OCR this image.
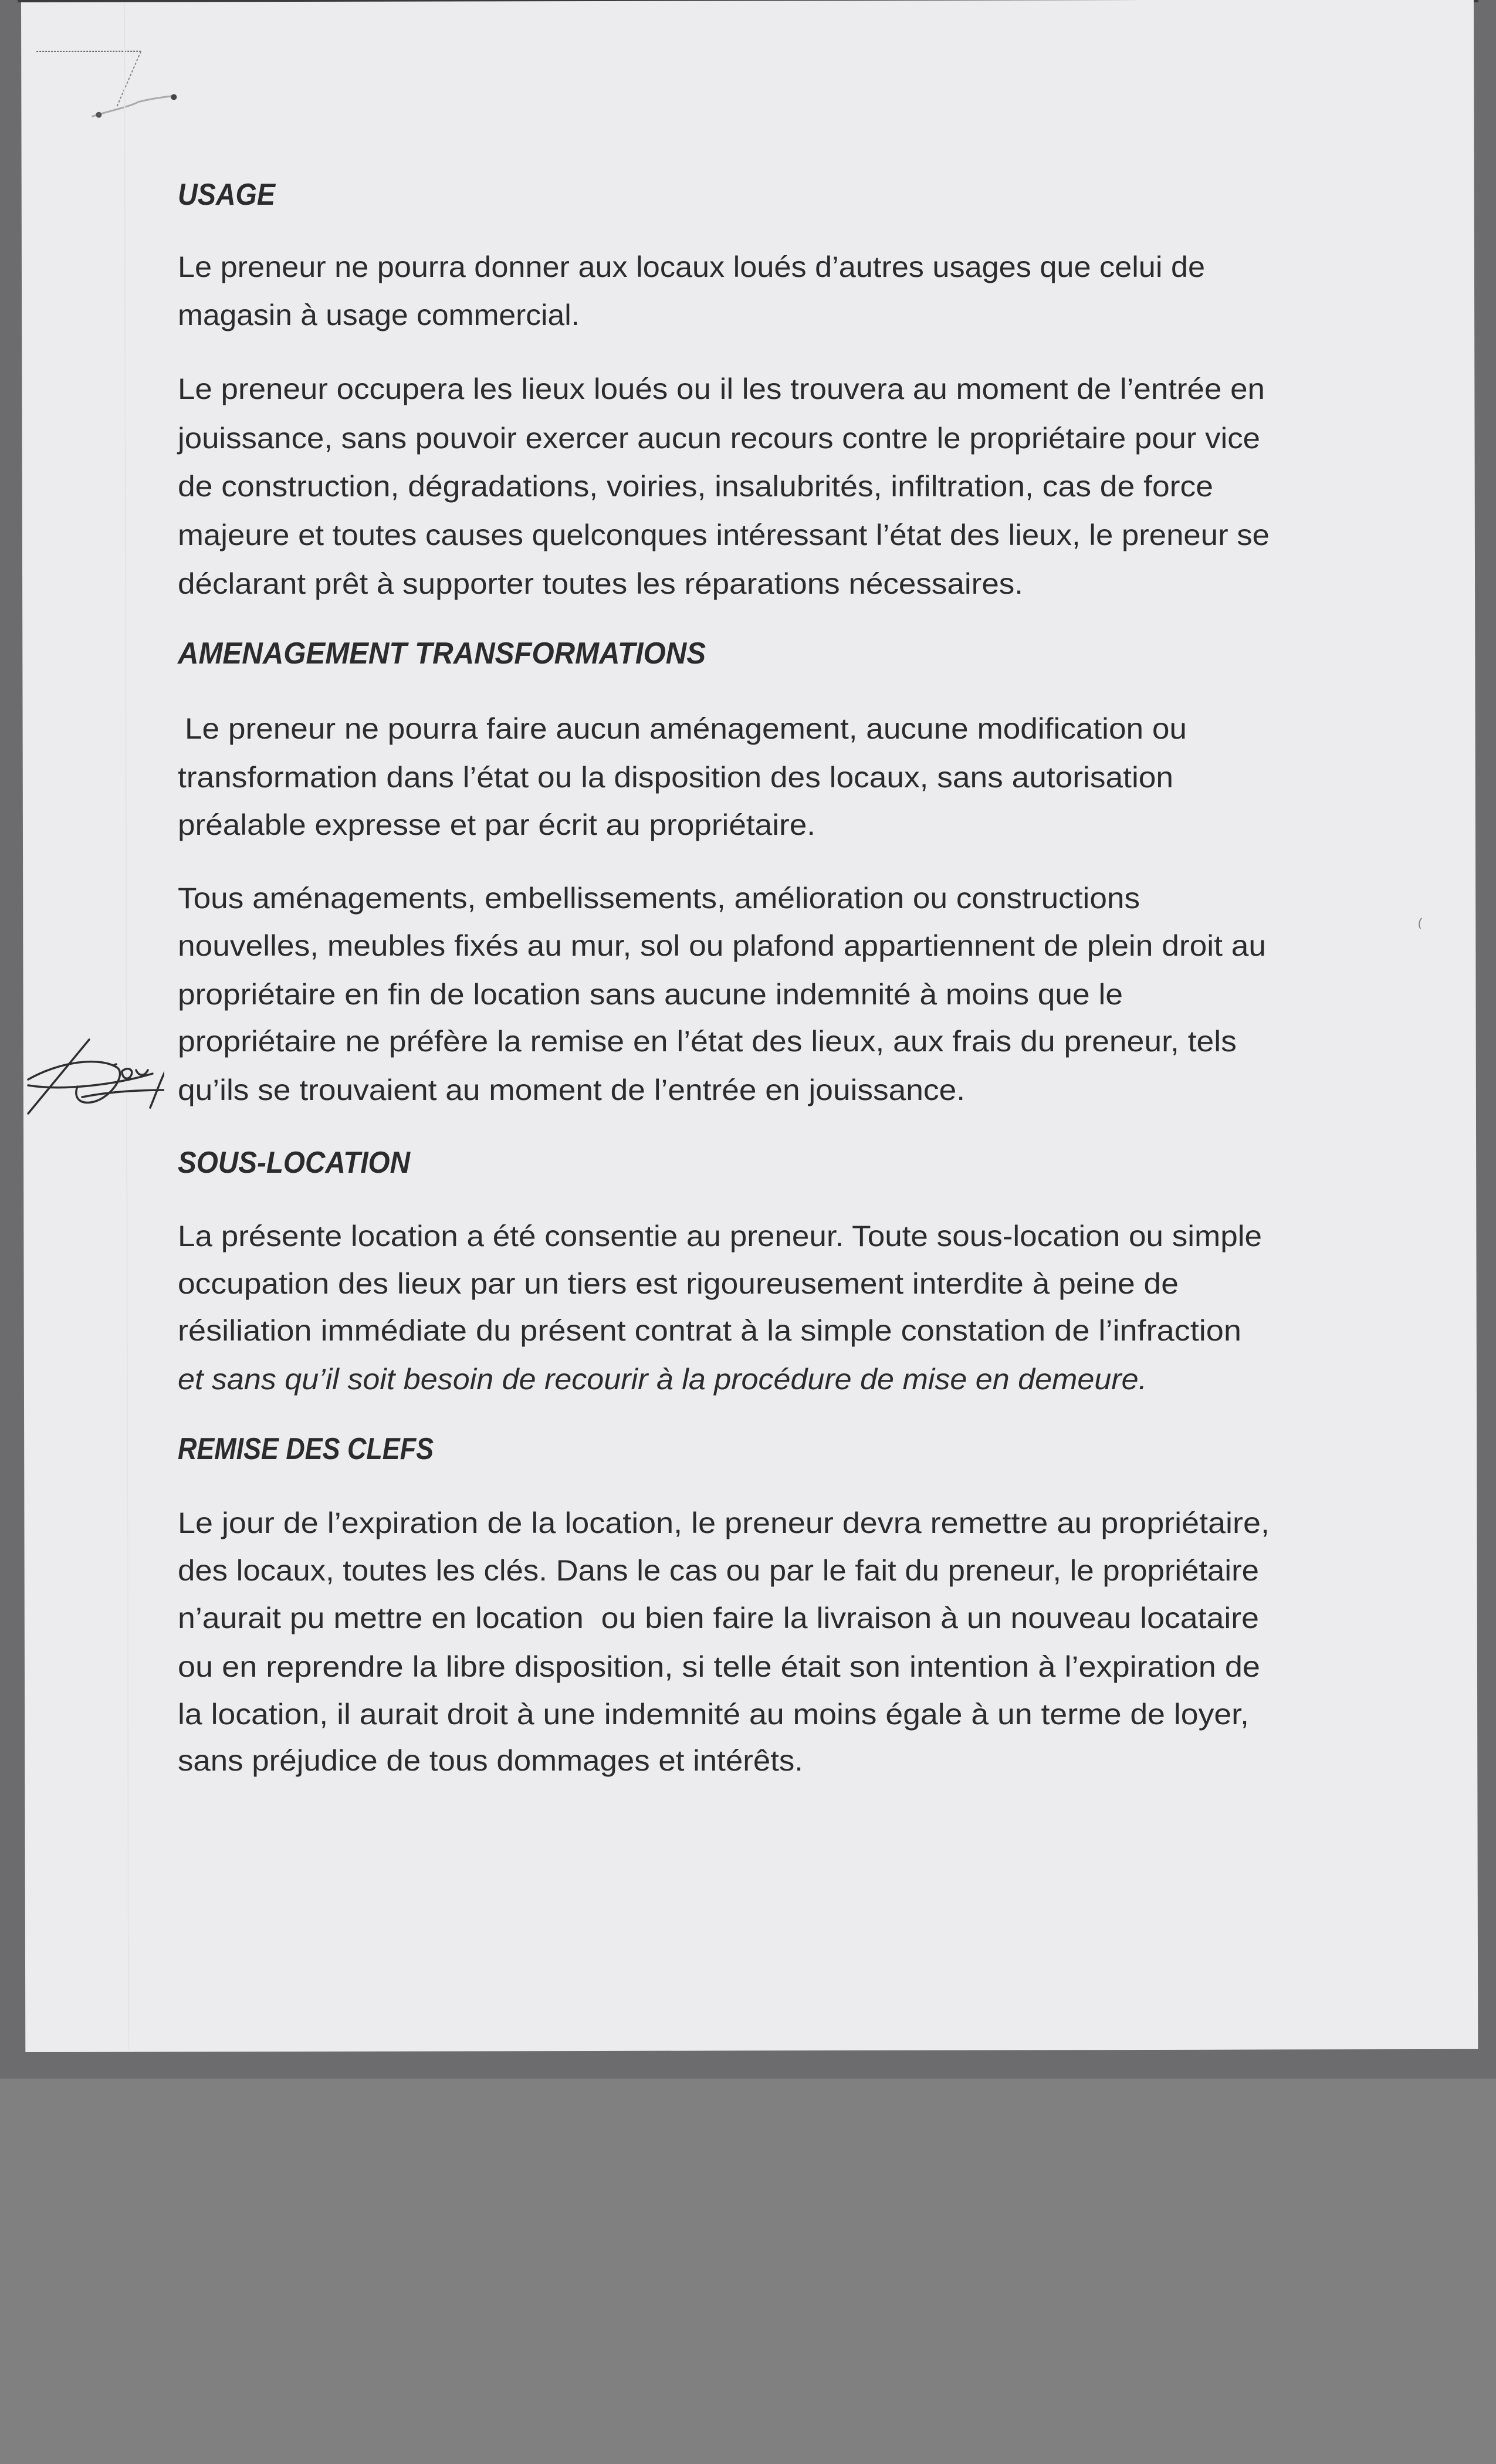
USAGE
Le preneur ne pourra donner aux locaux loués d’autres usages que celui de
magasin à usage commercial.
Le preneur occupera les lieux loués ou il les trouvera au moment de l’entrée en
jouissance, sans pouvoir exercer aucun recours contre le propriétaire pour vice
de construction, dégradations, voiries, insalubrités, infiltration, cas de force
majeure et toutes causes quelconques intéressant l’état des lieux, le preneur se
déclarant prêt à supporter toutes les réparations nécessaires.
AMENAGEMENT TRANSFORMATIONS
Le preneur ne pourra faire aucun aménagement, aucune modification ou
transformation dans l’état ou la disposition des locaux, sans autorisation
préalable expresse et par écrit au propriétaire.
Tous aménagements, embellissements, amélioration ou constructions
nouvelles, meubles fixés au mur, sol ou plafond appartiennent de plein droit au
propriétaire en fin de location sans aucune indemnité à moins que le
propriétaire ne préfère la remise en l’état des lieux, aux frais du preneur, tels
qu’ils se trouvaient au moment de l’entrée en jouissance.
SOUS-LOCATION
La présente location a été consentie au preneur. Toute sous-location ou simple
occupation des lieux par un tiers est rigoureusement interdite à peine de
résiliation immédiate du présent contrat à la simple constation de l’infraction
et sans qu’il soit besoin de recourir à la procédure de mise en demeure.
REMISE DES CLEFS
Le jour de l’expiration de la location, le preneur devra remettre au propriétaire,
des locaux, toutes les clés. Dans le cas ou par le fait du preneur, le propriétaire
n’aurait pu mettre en location  ou bien faire la livraison à un nouveau locataire
ou en reprendre la libre disposition, si telle était son intention à l’expiration de
la location, il aurait droit à une indemnité au moins égale à un terme de loyer,
sans préjudice de tous dommages et intérêts.
